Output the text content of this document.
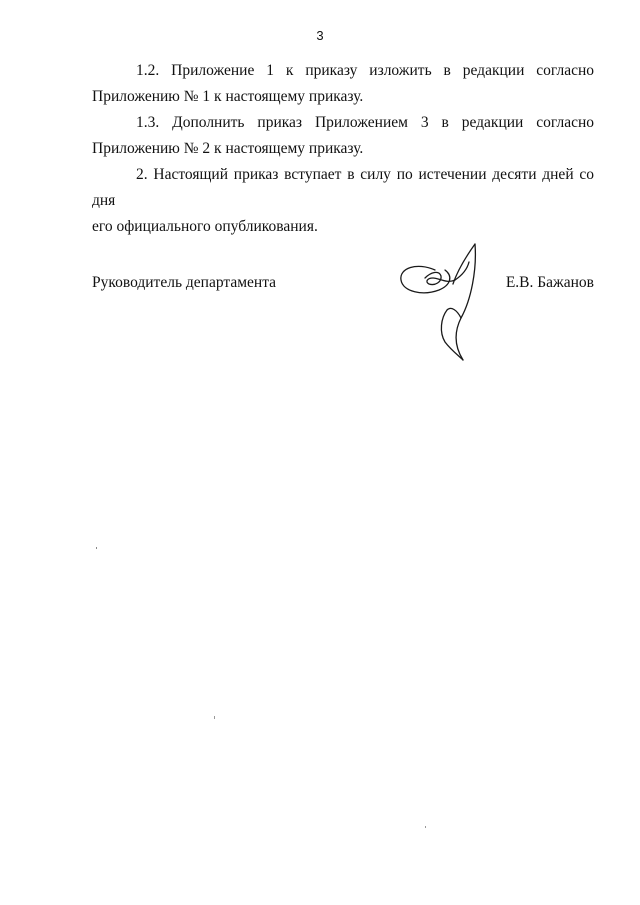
3

1.2. Приложение 1 к приказу изложить в редакции согласно
Приложению № 1 к настоящему приказу.

1.3. Дополнить приказ Приложением 3 в редакции согласно
Приложению № 2 к настоящему приказу.

2. Настоящий приказ вступает в силу по истечении десяти дней со дня
его официального опубликования.

Руководитель департамента	Е.В. Бажанов
